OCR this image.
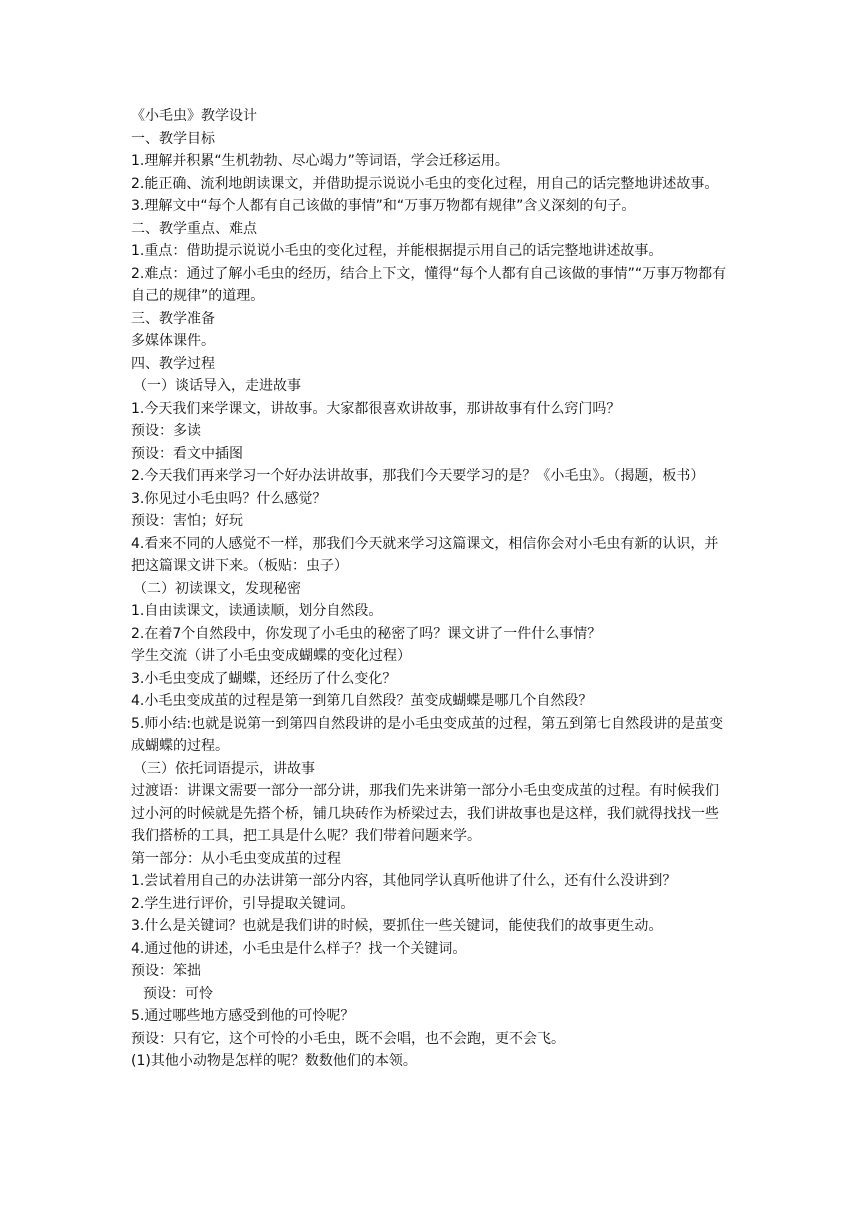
《小毛虫》教学设计

一、教学目标

1.理解并积累“生机勃勃、尽心竭力”等词语，学会迁移运用。

2.能正确、流利地朗读课文，并借助提示说说小毛虫的变化过程，用自己的话完整地讲述故事。

3.理解文中“每个人都有自己该做的事情”和“万事万物都有规律”含义深刻的句子。

二、教学重点、难点

1.重点：借助提示说说小毛虫的变化过程，并能根据提示用自己的话完整地讲述故事。

2.难点：通过了解小毛虫的经历，结合上下文，懂得“每个人都有自己该做的事情”“万事万物都有自己的规律”的道理。

三、教学准备

多媒体课件。

四、教学过程

（一）谈话导入，走进故事

1.今天我们来学课文，讲故事。大家都很喜欢讲故事，那讲故事有什么窍门吗？

预设：多读

预设：看文中插图

2.今天我们再来学习一个好办法讲故事，那我们今天要学习的是？《小毛虫》。（揭题，板书）

3.你见过小毛虫吗？什么感觉？

预设：害怕；好玩

4.看来不同的人感觉不一样，那我们今天就来学习这篇课文，相信你会对小毛虫有新的认识，并把这篇课文讲下来。（板贴：虫子）

（二）初读课文，发现秘密

1.自由读课文，读通读顺，划分自然段。

2.在着7个自然段中，你发现了小毛虫的秘密了吗？课文讲了一件什么事情？

学生交流（讲了小毛虫变成蝴蝶的变化过程）

3.小毛虫变成了蝴蝶，还经历了什么变化？

4.小毛虫变成茧的过程是第一到第几自然段？茧变成蝴蝶是哪几个自然段？

5.师小结:也就是说第一到第四自然段讲的是小毛虫变成茧的过程，第五到第七自然段讲的是茧变成蝴蝶的过程。

（三）依托词语提示，讲故事

过渡语：讲课文需要一部分一部分讲，那我们先来讲第一部分小毛虫变成茧的过程。有时候我们过小河的时候就是先搭个桥，铺几块砖作为桥梁过去，我们讲故事也是这样，我们就得找找一些我们搭桥的工具，把工具是什么呢？我们带着问题来学。

第一部分：从小毛虫变成茧的过程

1.尝试着用自己的办法讲第一部分内容，其他同学认真听他讲了什么，还有什么没讲到？

2.学生进行评价，引导提取关键词。

3.什么是关键词？也就是我们讲的时候，要抓住一些关键词，能使我们的故事更生动。

4.通过他的讲述，小毛虫是什么样子？找一个关键词。

预设：笨拙

预设：可怜

5.通过哪些地方感受到他的可怜呢？

预设：只有它，这个可怜的小毛虫，既不会唱，也不会跑，更不会飞。

(1)其他小动物是怎样的呢？数数他们的本领。
